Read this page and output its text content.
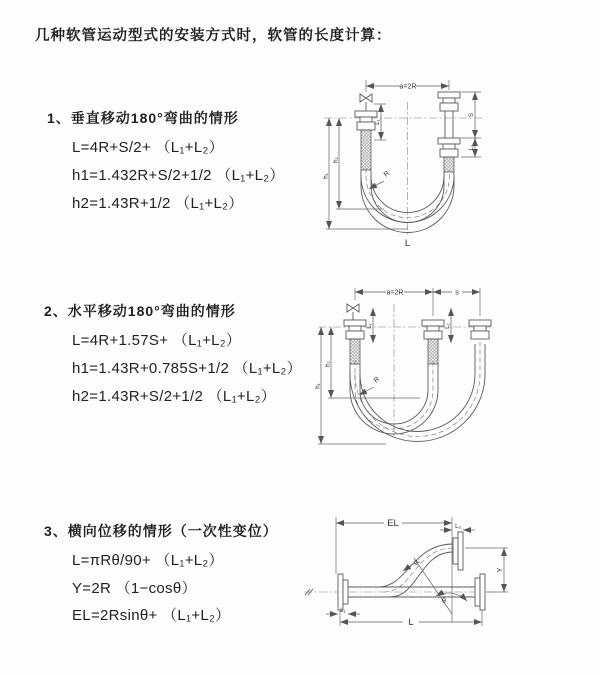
几种软管运动型式的安装方式时，软管的长度计算：
1、垂直移动180°弯曲的情形
L=4R+S/2+ （L₁+L₂）
h1=1.432R+S/2+1/2 （L₁+L₂）
h2=1.43R+1/2 （L₁+L₂）
a=2R
L₁
S
L₂
h₁
h₂
R
L
2、水平移动180°弯曲的情形
L=4R+1.57S+ （L₁+L₂）
h1=1.43R+0.785S+1/2 （L₁+L₂）
h2=1.43R+S/2+1/2 （L₁+L₂）
a=2R	s
L₁	L₂
h₁
h₂
R
3、横向位移的情形（一次性变位）
L=πRθ/90+ （L₁+L₂）
Y=2R （1−cosθ）
EL=2Rsinθ+ （L₁+L₂）
EL	L₂
Y
θ
R
L
L₁
